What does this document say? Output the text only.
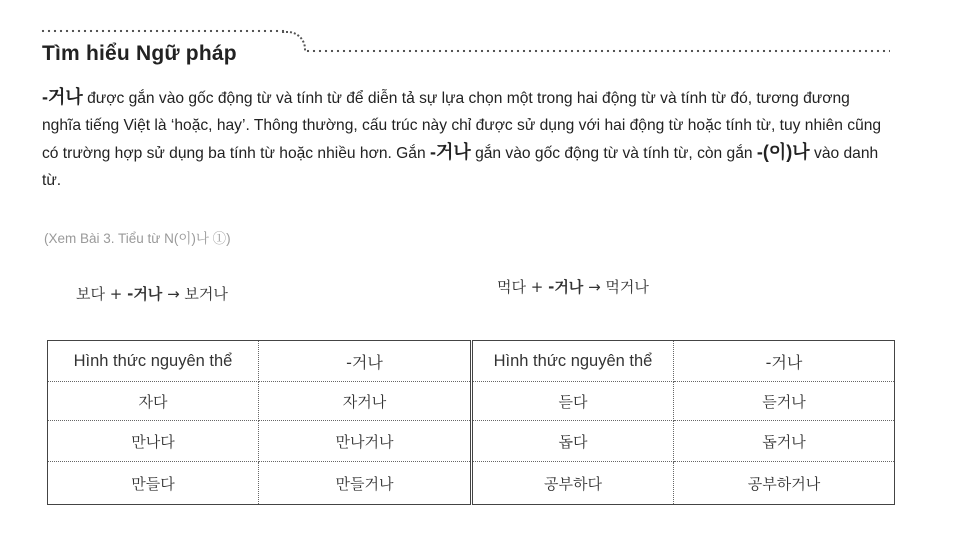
Tìm hiểu Ngữ pháp

-거나 được gắn vào gốc động từ và tính từ để diễn tả sự lựa chọn một trong hai động từ và tính từ đó, tương đương nghĩa tiếng Việt là ‘hoặc, hay’. Thông thường, cấu trúc này chỉ được sử dụng với hai động từ hoặc tính từ, tuy nhiên cũng có trường hợp sử dụng ba tính từ hoặc nhiều hơn. Gắn -거나 gắn vào gốc động từ và tính từ, còn gắn -(이)나 vào danh từ.

(Xem Bài 3. Tiểu từ N(이)나 ①)
보다 + -거나 → 보거나	먹다 + -거나 → 먹거나
Hình thức nguyên thể	-거나	Hình thức nguyên thể	-거나
자다	자거나	듣다	듣거나
만나다	만나거나	돕다	돕거나
만들다	만들거나	공부하다	공부하거나
